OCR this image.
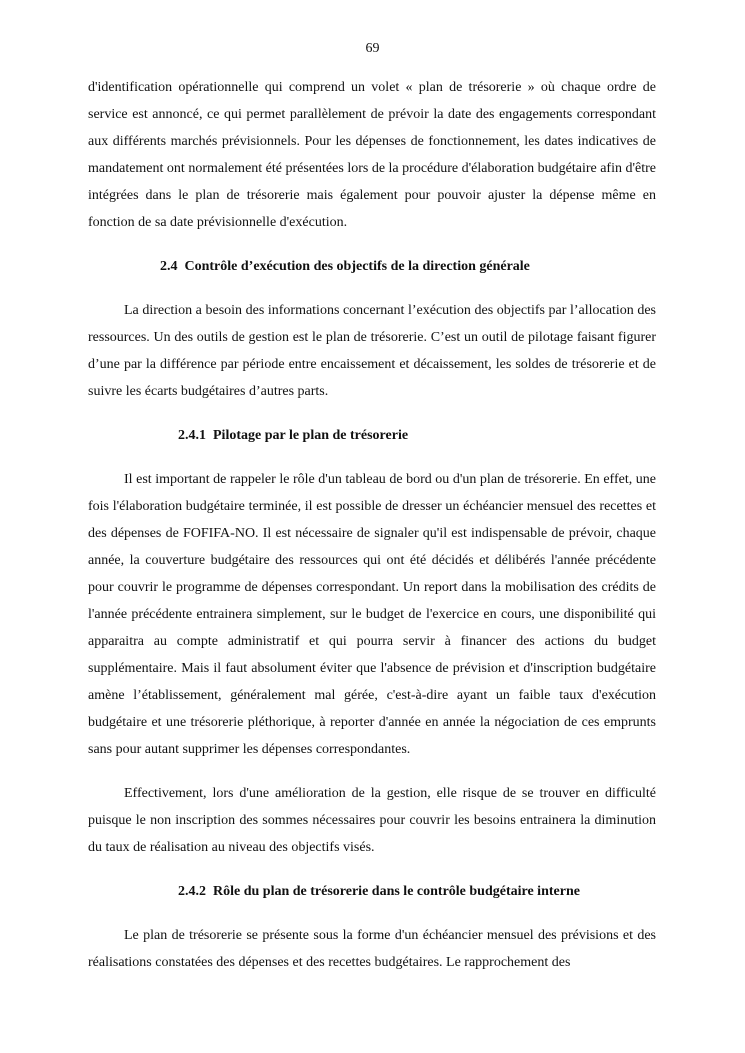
69

d'identification opérationnelle qui comprend un volet « plan de trésorerie » où chaque ordre de service est annoncé, ce qui permet parallèlement de prévoir la date des engagements correspondant aux différents marchés prévisionnels. Pour les dépenses de fonctionnement, les dates indicatives de mandatement ont normalement été présentées lors de la procédure d'élaboration budgétaire afin d'être intégrées dans le plan de trésorerie mais également pour pouvoir ajuster la dépense même en fonction de sa date prévisionnelle d'exécution.

2.4 Contrôle d’exécution des objectifs de la direction générale

La direction a besoin des informations concernant l’exécution des objectifs par l’allocation des ressources. Un des outils de gestion est le plan de trésorerie. C’est un outil de pilotage faisant figurer d’une par la différence par période entre encaissement et décaissement, les soldes de trésorerie et de suivre les écarts budgétaires d’autres parts.

2.4.1 Pilotage par le plan de trésorerie

Il est important de rappeler le rôle d'un tableau de bord ou d'un plan de trésorerie. En effet, une fois l'élaboration budgétaire terminée, il est possible de dresser un échéancier mensuel des recettes et des dépenses de FOFIFA-NO. Il est nécessaire de signaler qu'il est indispensable de prévoir, chaque année, la couverture budgétaire des ressources qui ont été décidés et délibérés l'année précédente pour couvrir le programme de dépenses correspondant. Un report dans la mobilisation des crédits de l'année précédente entrainera simplement, sur le budget de l'exercice en cours, une disponibilité qui apparaitra au compte administratif et qui pourra servir à financer des actions du budget supplémentaire. Mais il faut absolument éviter que l'absence de prévision et d'inscription budgétaire amène l’établissement, généralement mal gérée, c'est-à-dire ayant un faible taux d'exécution budgétaire et une trésorerie pléthorique, à reporter d'année en année la négociation de ces emprunts sans pour autant supprimer les dépenses correspondantes.

Effectivement, lors d'une amélioration de la gestion, elle risque de se trouver en difficulté puisque le non inscription des sommes nécessaires pour couvrir les besoins entrainera la diminution du taux de réalisation au niveau des objectifs visés.

2.4.2 Rôle du plan de trésorerie dans le contrôle budgétaire interne

Le plan de trésorerie se présente sous la forme d'un échéancier mensuel des prévisions et des réalisations constatées des dépenses et des recettes budgétaires. Le rapprochement des
